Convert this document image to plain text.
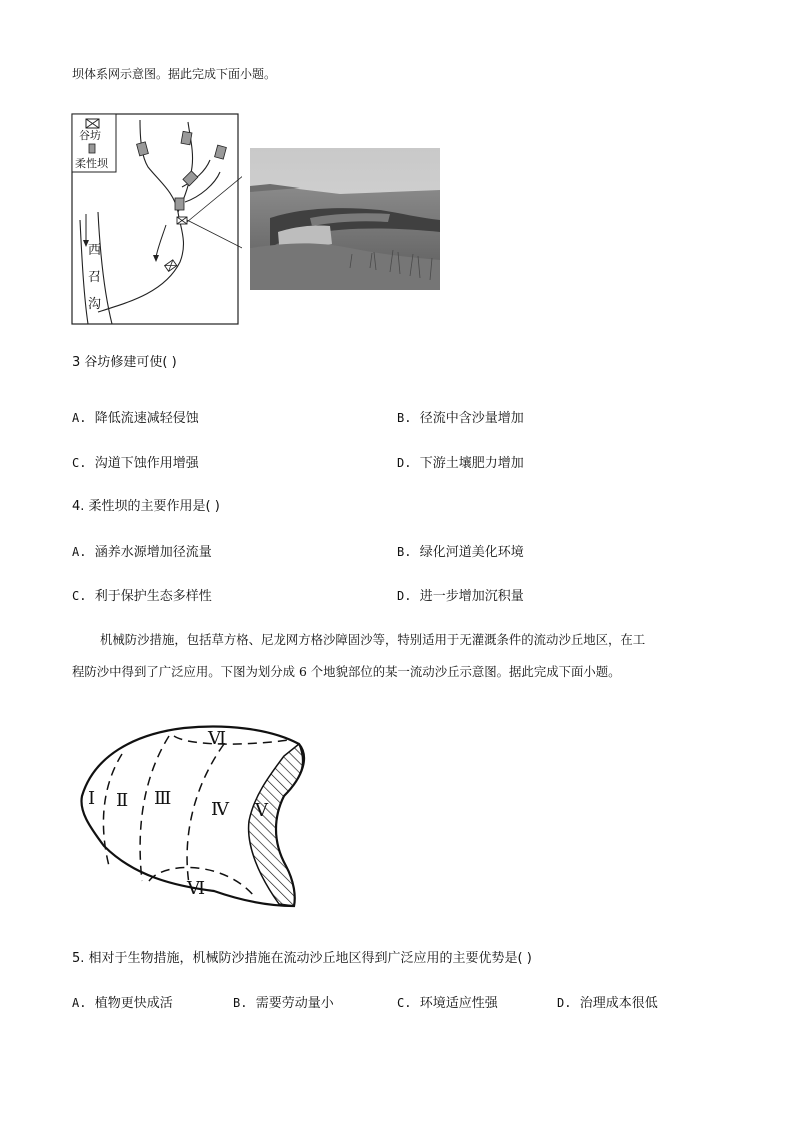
坝体系网示意图。据此完成下面小题。
谷坊
柔性坝
西
召
沟
3 谷坊修建可使( )
A. 降低流速减轻侵蚀	B. 径流中含沙量增加
C. 沟道下蚀作用增强	D. 下游土壤肥力增加
4. 柔性坝的主要作用是( )
A. 涵养水源增加径流量	B. 绿化河道美化环境
C. 利于保护生态多样性	D. 进一步增加沉积量
机械防沙措施，包括草方格、尼龙网方格沙障固沙等，特别适用于无灌溉条件的流动沙丘地区，在工
程防沙中得到了广泛应用。下图为划分成 6 个地貌部位的某一流动沙丘示意图。据此完成下面小题。
Ⅰ Ⅱ Ⅲ
Ⅳ Ⅴ
Ⅵ
Ⅵ
5. 相对于生物措施，机械防沙措施在流动沙丘地区得到广泛应用的主要优势是( )
A. 植物更快成活	B. 需要劳动量小	C. 环境适应性强	D. 治理成本很低
